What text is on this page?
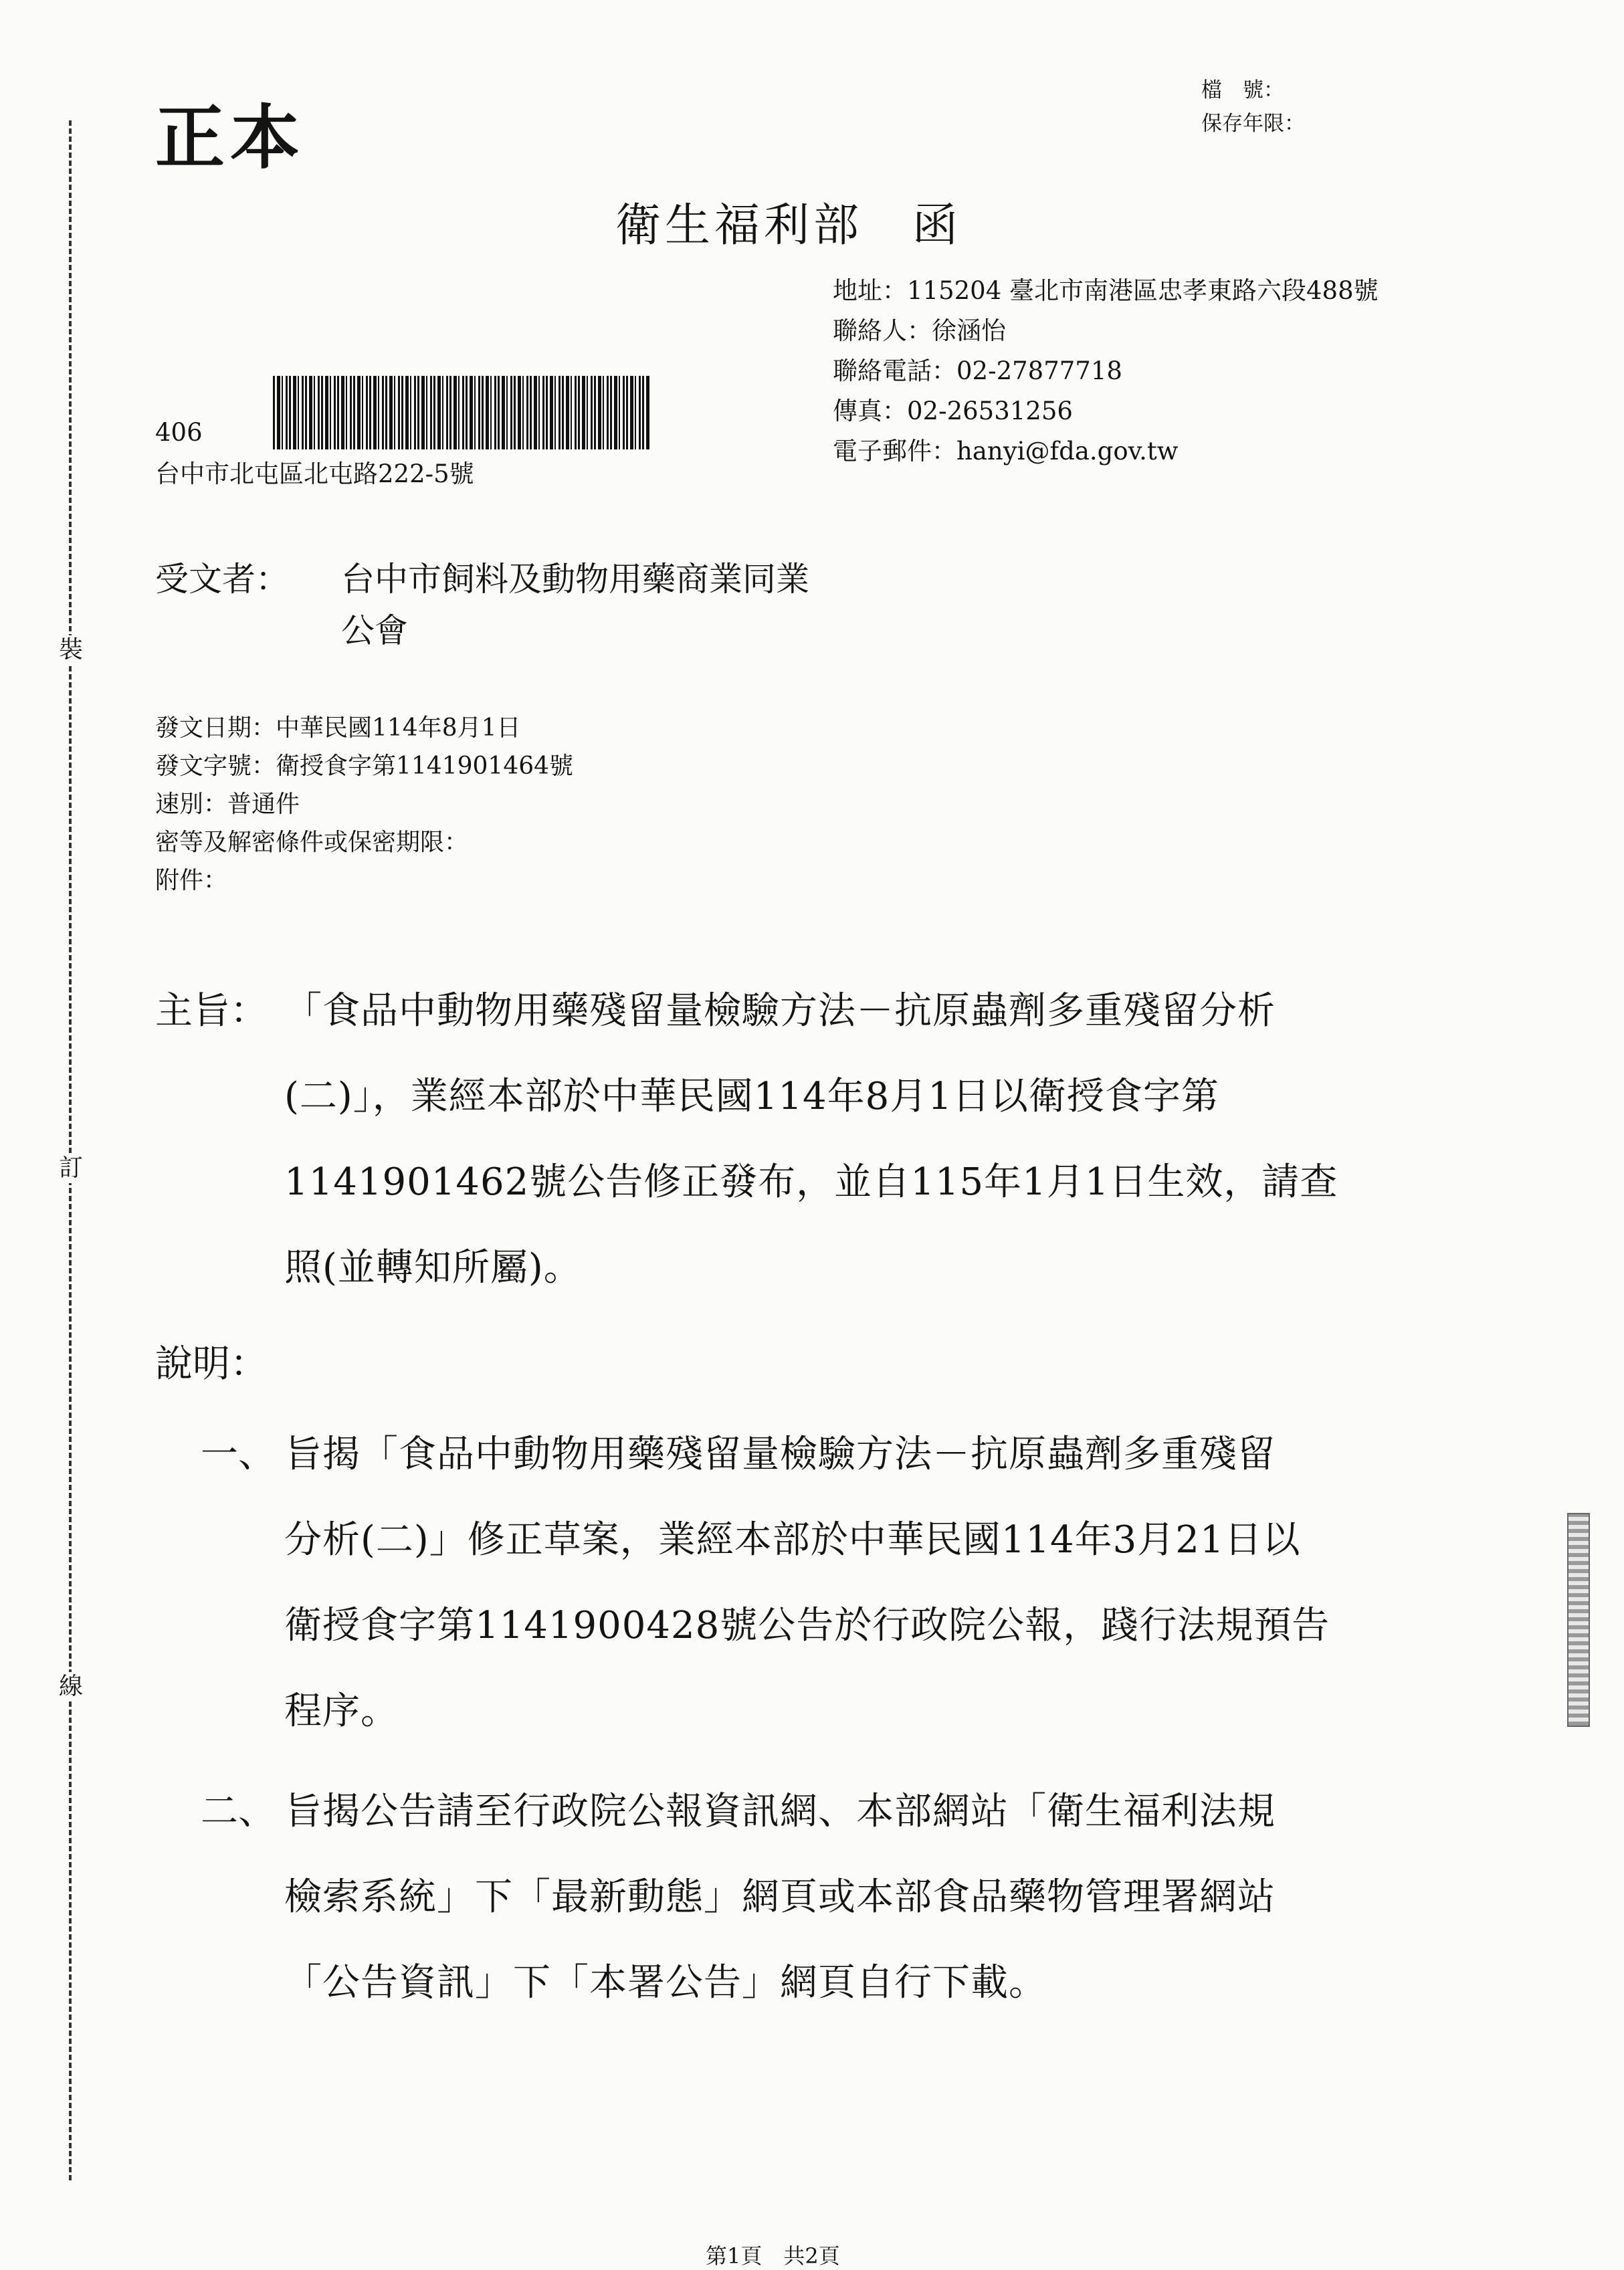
裝
訂
線
正本
檔　號：
保存年限：
衛生福利部　函
地址：115204 臺北市南港區忠孝東路六段488號
聯絡人：徐涵怡
聯絡電話：02-27877718
傳真：02-26531256
電子郵件：hanyi@fda.gov.tw
406
台中市北屯區北屯路222-5號
受文者： 台中市飼料及動物用藥商業同業
公會
發文日期：中華民國114年8月1日
發文字號：衛授食字第1141901464號
速別：普通件
密等及解密條件或保密期限：
附件：
主旨： 「食品中動物用藥殘留量檢驗方法－抗原蟲劑多重殘留分析
(二)」，業經本部於中華民國114年8月1日以衛授食字第
1141901462號公告修正發布，並自115年1月1日生效，請查
照(並轉知所屬)。
說明：
一、 旨揭「食品中動物用藥殘留量檢驗方法－抗原蟲劑多重殘留
分析(二)」修正草案，業經本部於中華民國114年3月21日以
衛授食字第1141900428號公告於行政院公報，踐行法規預告
程序。
二、 旨揭公告請至行政院公報資訊網、本部網站「衛生福利法規
檢索系統」下「最新動態」網頁或本部食品藥物管理署網站
「公告資訊」下「本署公告」網頁自行下載。
第1頁　共2頁
